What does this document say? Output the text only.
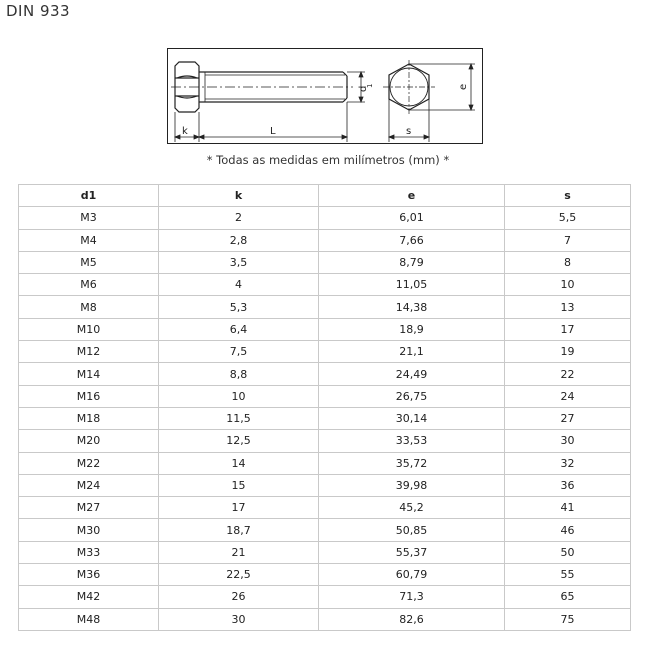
DIN 933
d
1
k	L
e
s
* Todas as medidas em milímetros (mm) *
d1	k	e	s
M3	2	6,01	5,5
M4	2,8	7,66	7
M5	3,5	8,79	8
M6	4	11,05	10
M8	5,3	14,38	13
M10	6,4	18,9	17
M12	7,5	21,1	19
M14	8,8	24,49	22
M16	10	26,75	24
M18	11,5	30,14	27
M20	12,5	33,53	30
M22	14	35,72	32
M24	15	39,98	36
M27	17	45,2	41
M30	18,7	50,85	46
M33	21	55,37	50
M36	22,5	60,79	55
M42	26	71,3	65
M48	30	82,6	75
